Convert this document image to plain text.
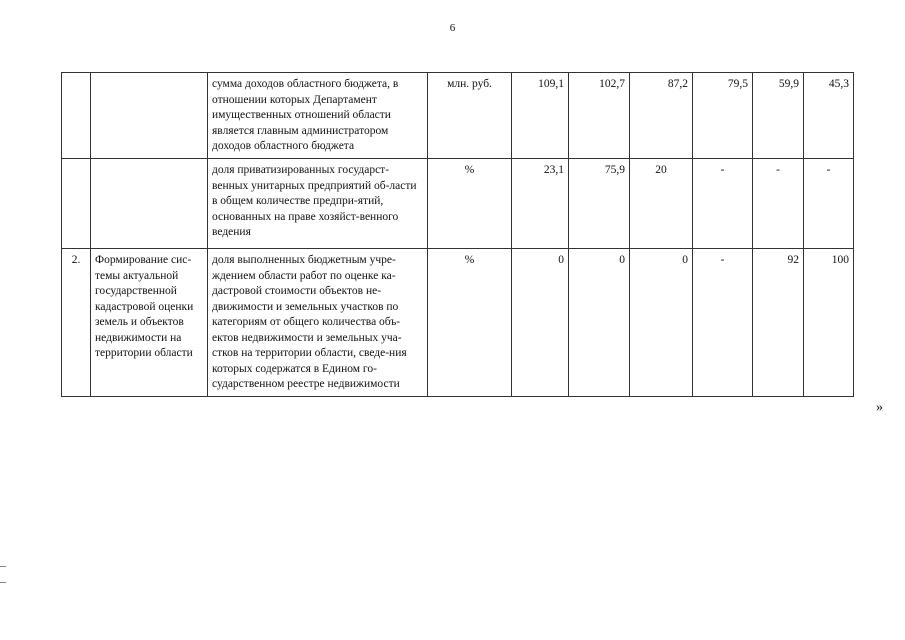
6
		сумма доходов областного бюджета, в отношении которых Департамент имущественных отношений области является главным администратором доходов областного бюджета	млн. руб.	109,1	102,7	87,2	79,5	59,9	45,3
		доля приватизированных государст-венных унитарных предприятий об-ласти в общем количестве предпри-ятий, основанных на праве хозяйст-венного ведения	%	23,1	75,9	20	-	-	-
2.	Формирование сис-темы актуальной государственной кадастровой оценки земель и объектов недвижимости на территории области	доля выполненных бюджетным учре-ждением области работ по оценке ка-дастровой стоимости объектов не-движимости и земельных участков по категориям от общего количества объ-ектов недвижимости и земельных уча-стков на территории области, сведе-ния которых содержатся в Едином го-сударственном реестре недвижимости	%	0	0	0	-	92	100
»
